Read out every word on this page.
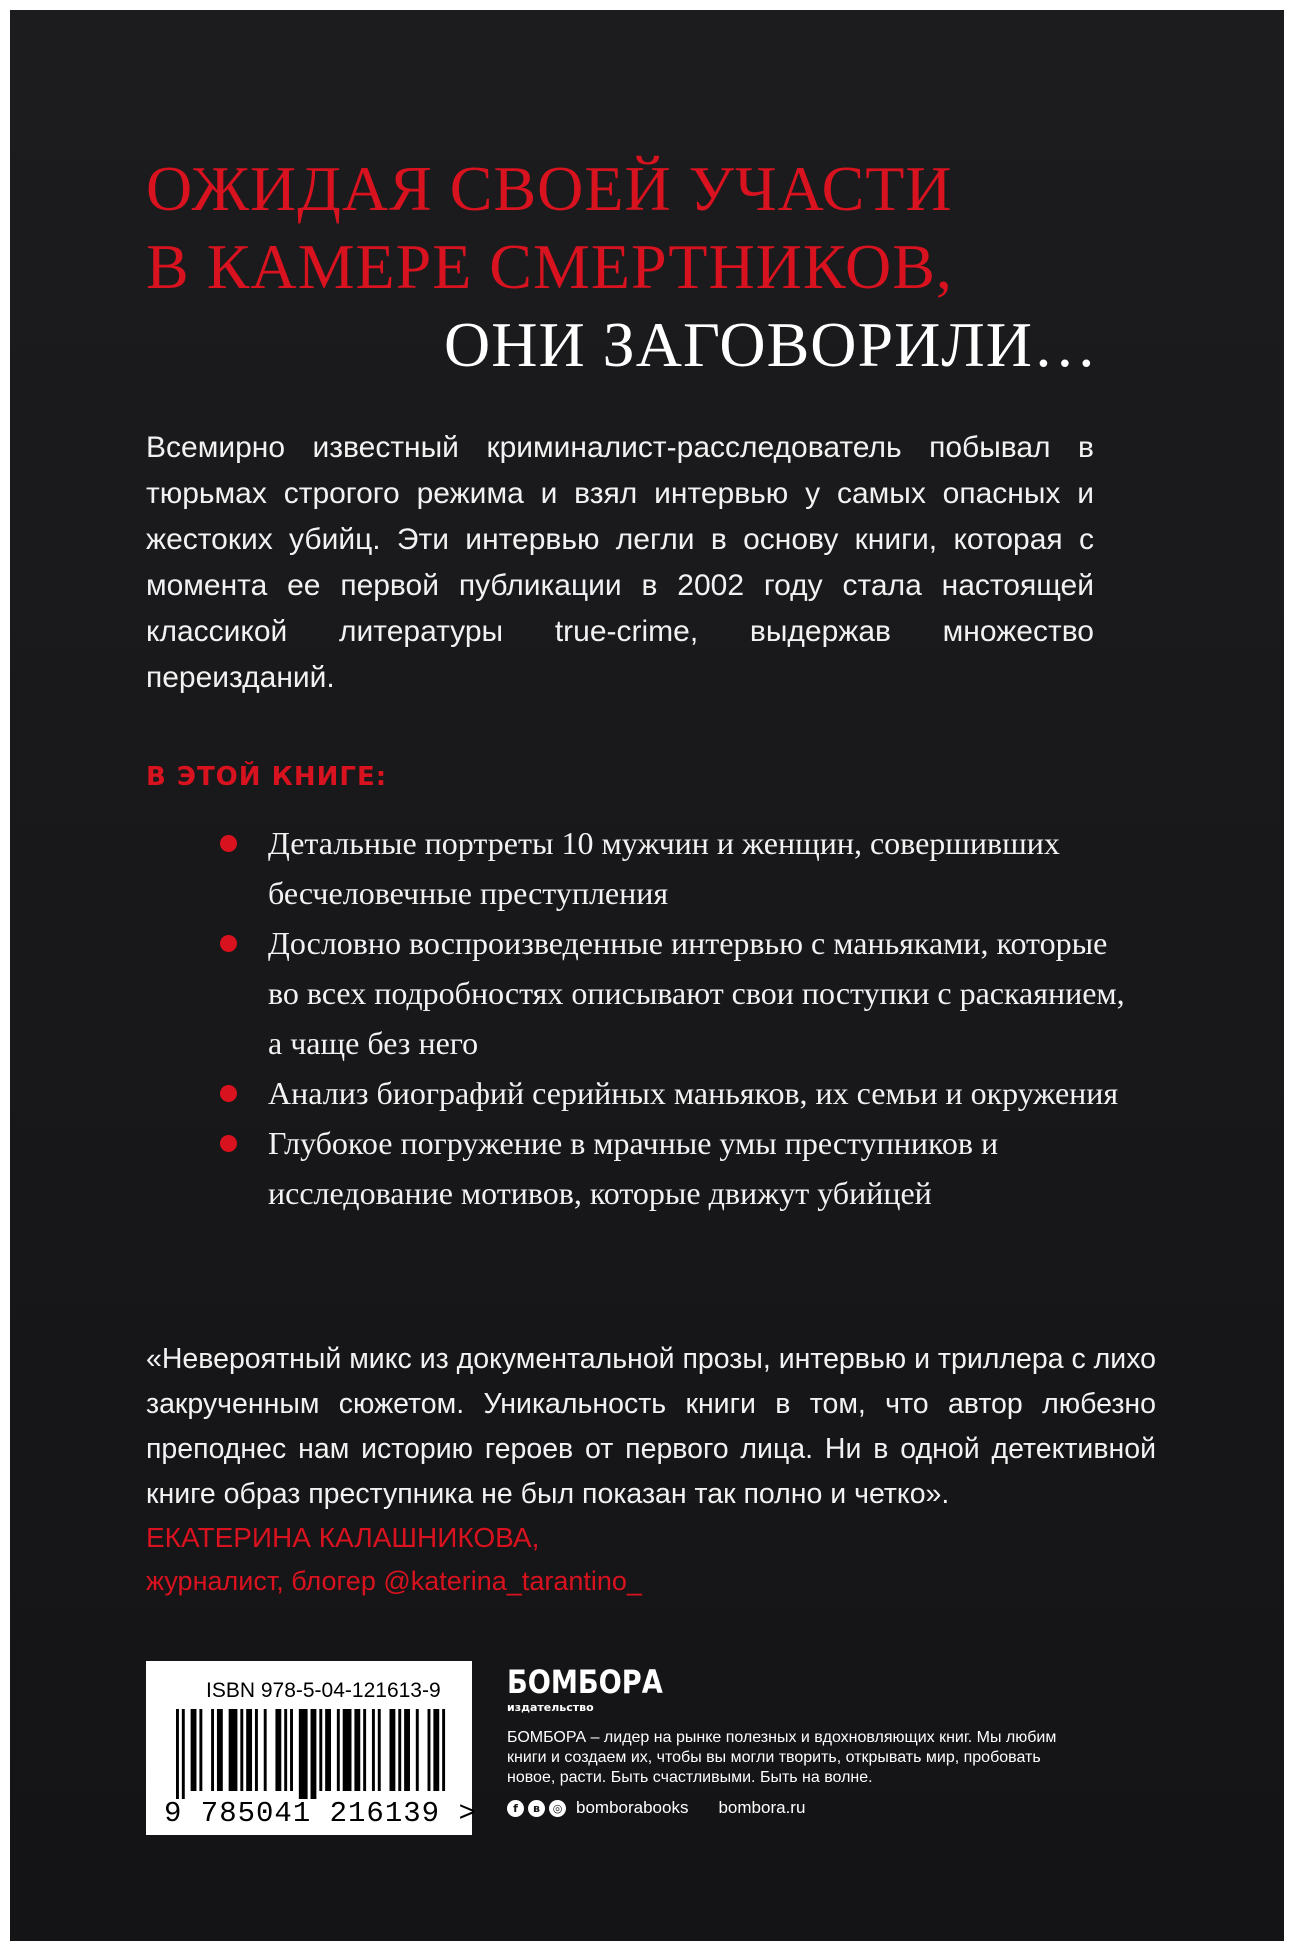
ОЖИДАЯ СВОЕЙ УЧАСТИ
В КАМЕРЕ СМЕРТНИКОВ,
ОНИ ЗАГОВОРИЛИ…
Всемирно известный криминалист-расследователь побывал в тюрьмах строгого режима и взял интервью у самых опасных и жестоких убийц. Эти интервью легли в основу книги, которая с момента ее первой публикации в 2002 году стала настоящей классикой литературы true-crime, выдержав множество переизданий.
В ЭТОЙ КНИГЕ:
Детальные портреты 10 мужчин и женщин, совершивших бесчеловечные преступления
Дословно воспроизведенные интервью с маньяками, которые во всех подробностях описывают свои поступки с раскаянием, а чаще без него
Анализ биографий серийных маньяков, их семьи и окружения
Глубокое погружение в мрачные умы преступников и исследование мотивов, которые движут убийцей
«Невероятный микс из документальной прозы, интервью и триллера с лихо закрученным сюжетом. Уникальность книги в том, что автор любезно преподнес нам историю героев от первого лица. Ни в одной детективной книге образ преступника не был показан так полно и четко».
ЕКАТЕРИНА КАЛАШНИКОВА,
журналист, блогер @katerina_tarantino_
ISBN 978-5-04-121613-9
9 785041 216139 >
БОМБОРА
издательство
БОМБОРА – лидер на рынке полезных и вдохновляющих книг. Мы любим книги и создаем их, чтобы вы могли творить, открывать мир, пробовать новое, расти. Быть счастливыми. Быть на волне.
f	в	◎ bomborabooks bombora.ru
